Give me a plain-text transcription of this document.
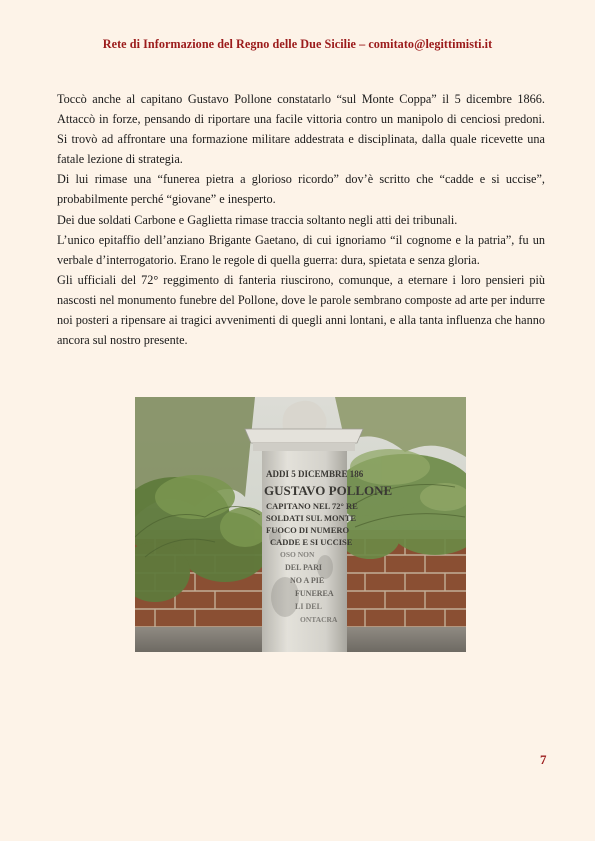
Rete di Informazione del Regno delle Due Sicilie – comitato@legittimisti.it

Toccò anche al capitano Gustavo Pollone constatarlo “sul Monte Coppa” il 5 dicembre 1866. Attaccò in forze, pensando di riportare una facile vittoria contro un manipolo di cenciosi predoni. Si trovò ad affrontare una formazione militare addestrata e disciplinata, dalla quale ricevette una fatale lezione di strategia.

Di lui rimase una “funerea pietra a glorioso ricordo” dov’è scritto che “cadde e si uccise”, probabilmente perché “giovane” e inesperto.

Dei due soldati Carbone e Gaglietta rimase traccia soltanto negli atti dei tribunali.

L’unico epitaffio dell’anziano Brigante Gaetano, di cui ignoriamo “il cognome e la patria”, fu un verbale d’interrogatorio. Erano le regole di quella guerra: dura, spietata e senza gloria.

Gli ufficiali del 72° reggimento di fanteria riuscirono, comunque, a eternare i loro pensieri più nascosti nel monumento funebre del Pollone, dove le parole sembrano composte ad arte per indurre noi posteri a ripensare ai tragici avvenimenti di quegli anni lontani, e alla tanta influenza che hanno ancora sul nostro presente.

ADDI 5 DICEMBRE 186
GUSTAVO POLLONE
CAPITANO NEL 72° RE
SOLDATI SUL MONTE
FUOCO DI NUMERO
CADDE E SI UCCISE
OSO NON
DEL PARI
NO A PIE
FUNEREA
LI DEL
ONTACRA
7
